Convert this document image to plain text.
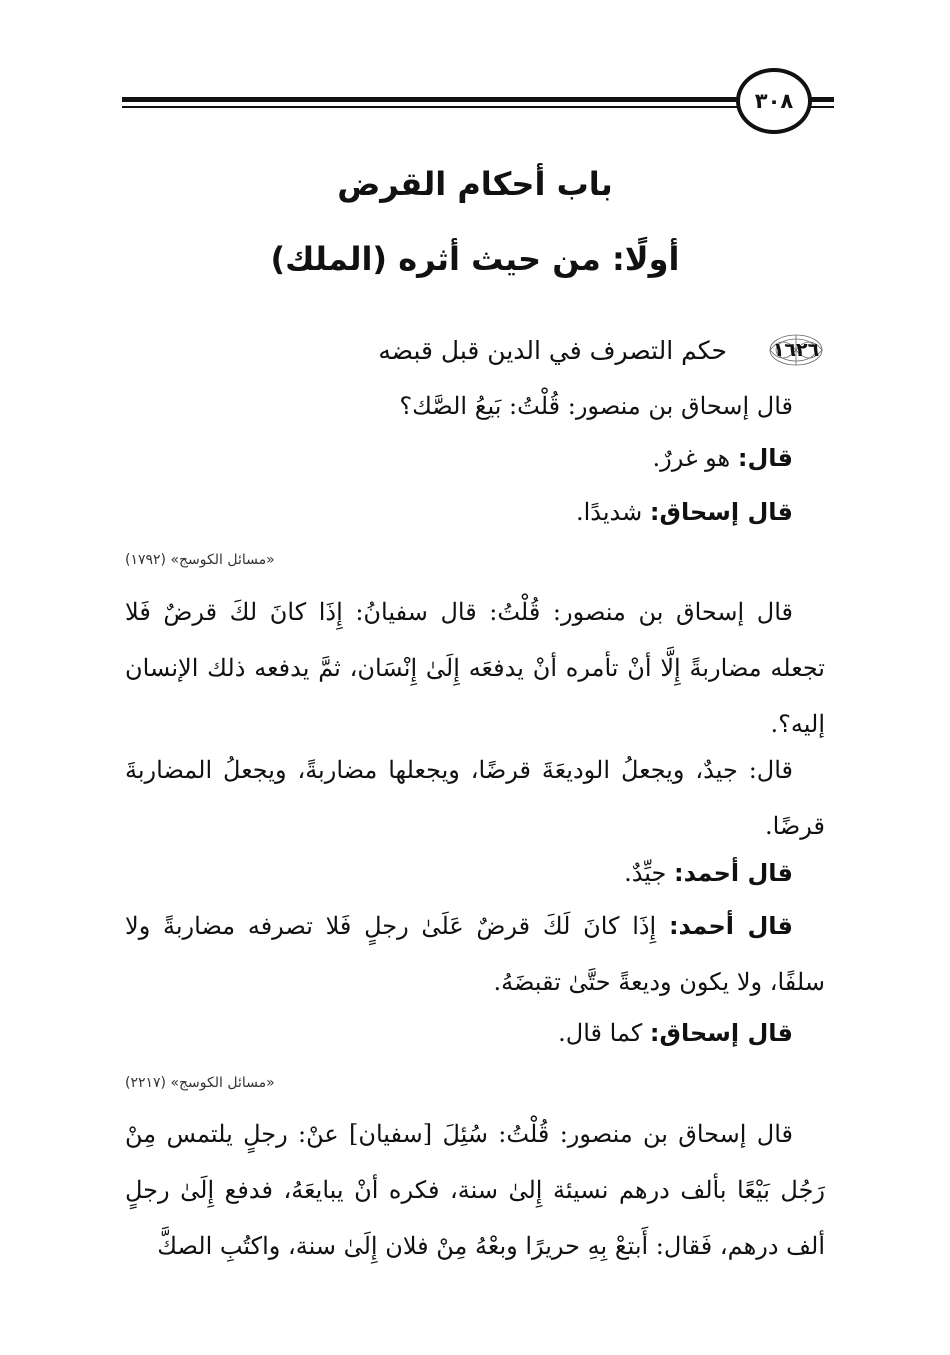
٣٠٨
باب أحكام القرض
أولًا: من حيث أثره (الملك)
١٦٢٦
حكم التصرف في الدين قبل قبضه

قال إسحاق بن منصور: قُلْتُ: بَيعُ الصَّك؟

قال: هو غررٌ.

قال إسحاق: شديدًا.

«مسائل الكوسج» (١٧٩٢)

قال إسحاق بن منصور: قُلْتُ: قال سفيانُ: إِذَا كانَ لكَ قرضٌ فَلا تجعله مضاربةً إِلَّا أنْ تأمره أنْ يدفعَه إِلَىٰ إِنْسَان، ثمَّ يدفعه ذلك الإنسان إليه؟.

قال: جيدٌ، ويجعلُ الوديعَةَ قرضًا، ويجعلها مضاربةً، ويجعلُ المضاربةَ قرضًا.

قال أحمد: جيِّدٌ.

قال أحمد: إِذَا كانَ لَكَ قرضٌ عَلَىٰ رجلٍ فَلا تصرفه مضاربةً ولا سلفًا، ولا يكون وديعةً حتَّىٰ تقبضَهُ.

قال إسحاق: كما قال.

«مسائل الكوسج» (٢٢١٧)

قال إسحاق بن منصور: قُلْتُ: سُئِلَ [سفيان] عنْ: رجلٍ يلتمس مِنْ رَجُل بَيْعًا بألف درهم نسيئة إِلىٰ سنة، فكره أنْ يبايعَهُ، فدفع إِلَىٰ رجلٍ ألف درهم، فَقال: أَبتعْ بِهِ حريرًا وبعْهُ مِنْ فلان إِلَىٰ سنة، واكتُبِ الصكَّ
